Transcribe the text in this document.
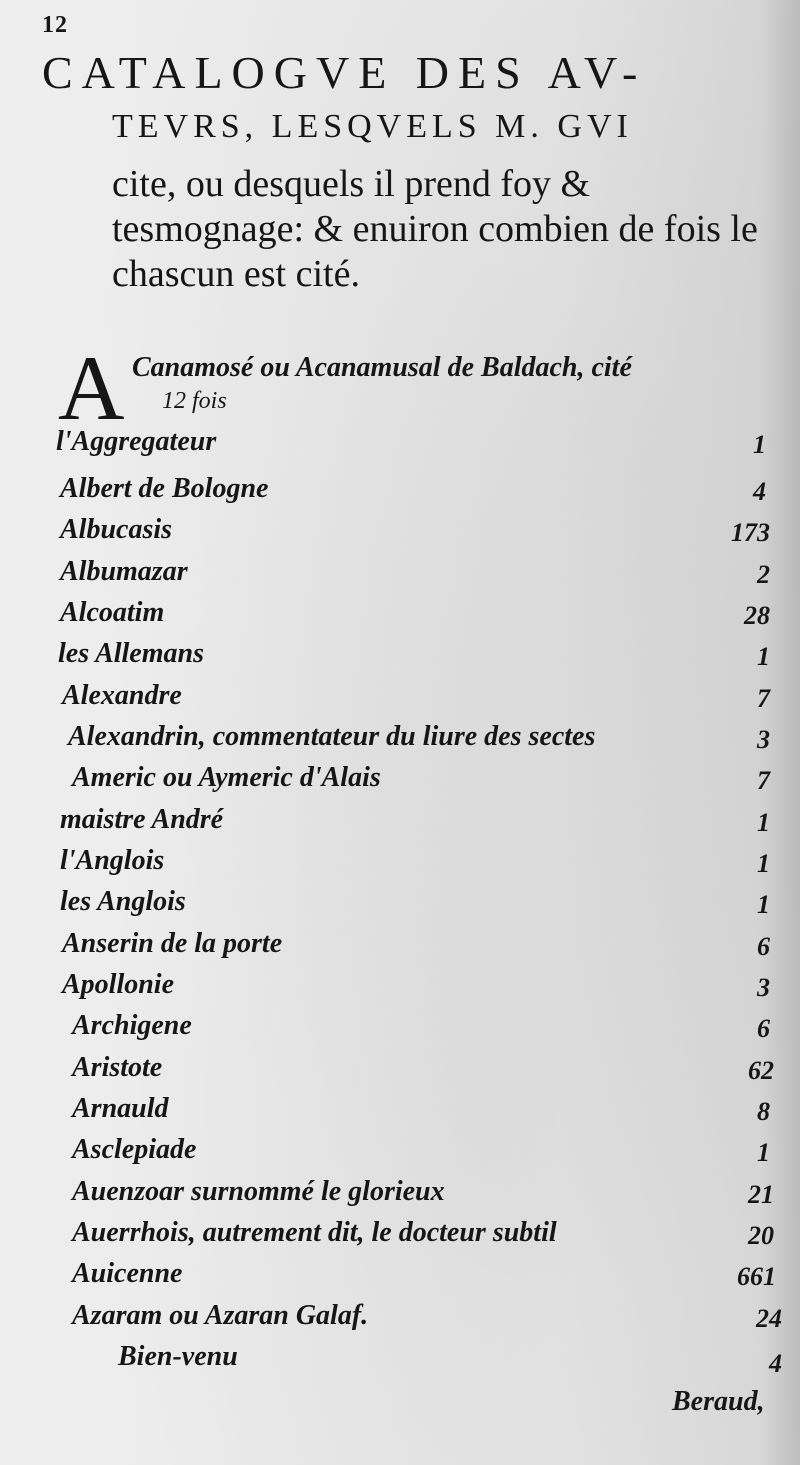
12
CATALOGVE DES AV-
TEVRS, LESQVELS M. GVI
cite, ou desquels il prend foy & tesmognage: & enuiron combien de fois le chascun est cité.
A Canamosé ou Acanamusal de Baldach, cité
12 fois
l'Aggregateur	1
Albert de Bologne	4
Albucasis	173
Albumazar	2
Alcoatim	28
les Allemans	1
Alexandre	7
Alexandrin, commentateur du liure des sectes	3
Americ ou Aymeric d'Alais	7
maistre André	1
l'Anglois	1
les Anglois	1
Anserin de la porte	6
Apollonie	3
Archigene	6
Aristote	62
Arnauld	8
Asclepiade	1
Auenzoar surnommé le glorieux	21
Auerrhois, autrement dit, le docteur subtil	20
Auicenne	661
Azaram ou Azaran Galaf.	24
Bien-venu	4
Beraud,
